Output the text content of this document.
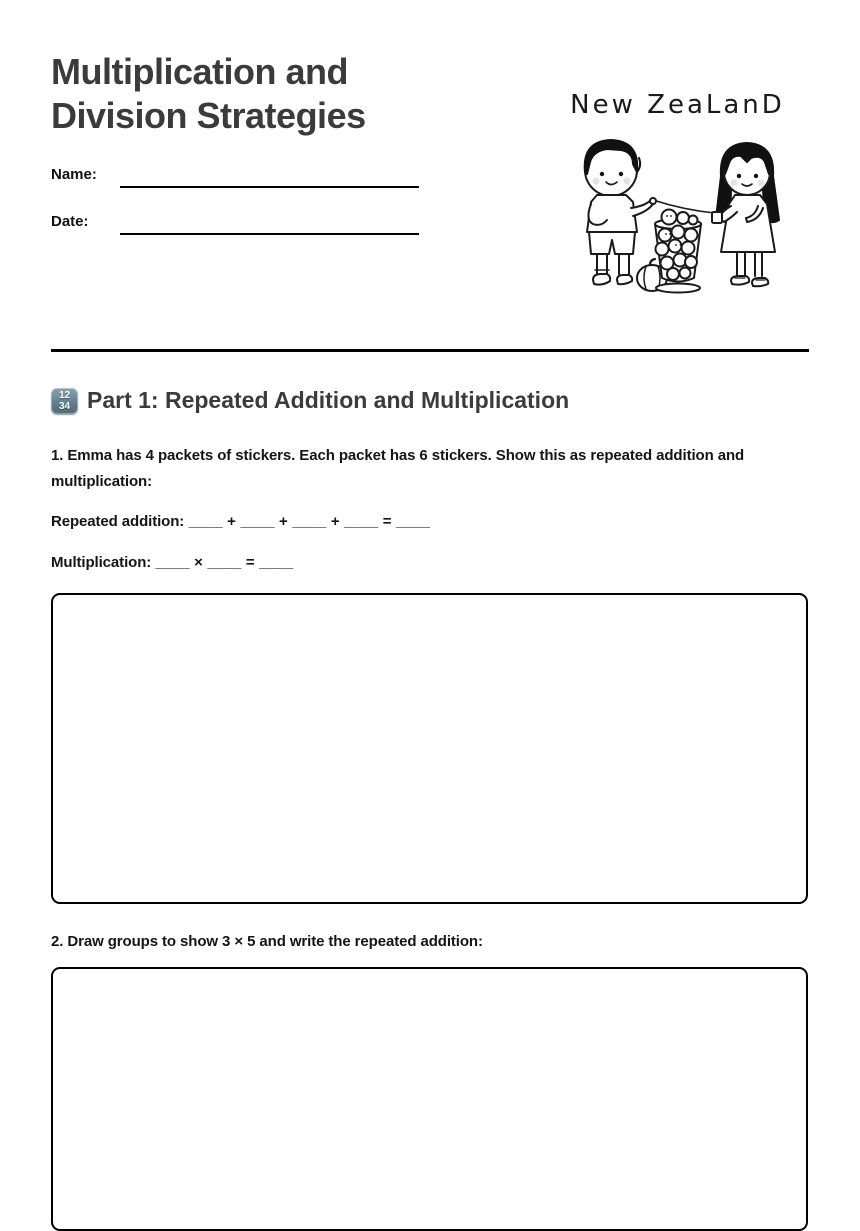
Multiplication and Division Strategies
Name:
Date:
New ZeaLanD
12
34 Part 1: Repeated Addition and Multiplication
1. Emma has 4 packets of stickers. Each packet has 6 stickers. Show this as repeated addition and multiplication:
Repeated addition: ____ + ____ + ____ + ____ = ____
Multiplication: ____ × ____ = ____
2. Draw groups to show 3 × 5 and write the repeated addition:
